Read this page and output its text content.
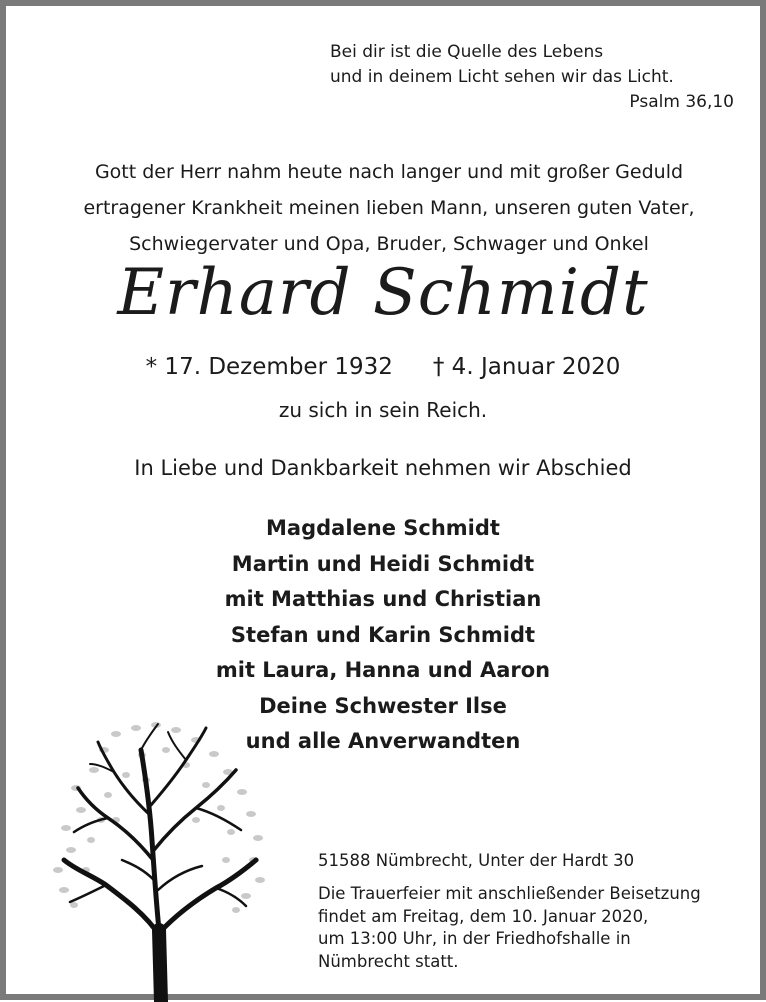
Bei dir ist die Quelle des Lebens
und in deinem Licht sehen wir das Licht.
Psalm 36,10
Gott der Herr nahm heute nach langer und mit großer Geduld
ertragener Krankheit meinen lieben Mann, unseren guten Vater,
Schwiegervater und Opa, Bruder, Schwager und Onkel
Erhard Schmidt
* 17. Dezember 1932 † 4. Januar 2020
zu sich in sein Reich.
In Liebe und Dankbarkeit nehmen wir Abschied
Magdalene Schmidt
Martin und Heidi Schmidt
mit Matthias und Christian
Stefan und Karin Schmidt
mit Laura, Hanna und Aaron
Deine Schwester Ilse
und alle Anverwandten
51588 Nümbrecht, Unter der Hardt 30
Die Trauerfeier mit anschließender Beisetzung
findet am Freitag, dem 10. Januar 2020,
um 13:00 Uhr, in der Friedhofshalle in
Nümbrecht statt.
